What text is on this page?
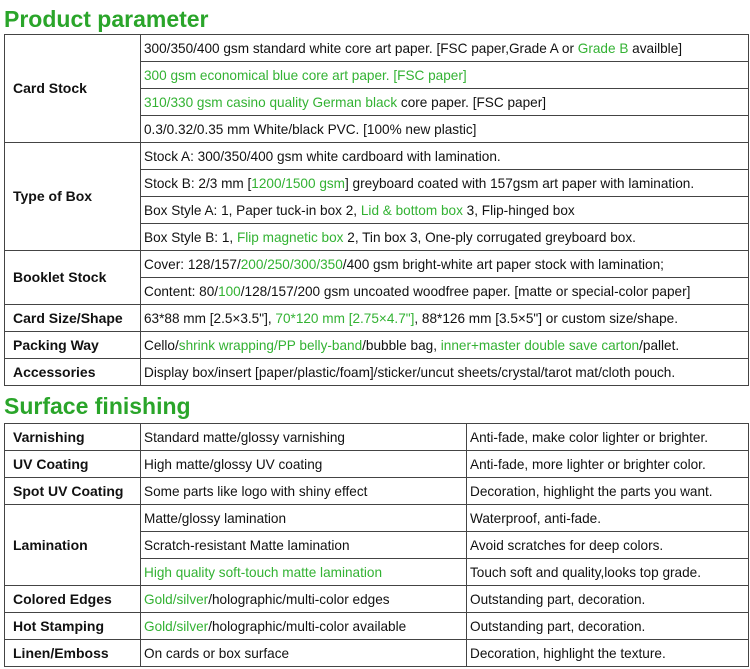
Product parameter
Card Stock	300/350/400 gsm standard white core art paper. [FSC paper,Grade A or Grade B availble]
	300 gsm economical blue core art paper. [FSC paper]
	310/330 gsm casino quality German black core paper. [FSC paper]
	0.3/0.32/0.35 mm White/black PVC. [100% new plastic]
Type of Box	Stock A: 300/350/400 gsm white cardboard with lamination.
	Stock B: 2/3 mm [1200/1500 gsm] greyboard coated with 157gsm art paper with lamination.
	Box Style A: 1, Paper tuck-in box 2, Lid & bottom box 3, Flip-hinged box
	Box Style B: 1, Flip magnetic box 2, Tin box 3, One-ply corrugated greyboard box.
Booklet Stock	Cover: 128/157/200/250/300/350/400 gsm bright-white art paper stock with lamination;
	Content: 80/100/128/157/200 gsm uncoated woodfree paper. [matte or special-color paper]
Card Size/Shape	63*88 mm [2.5×3.5"], 70*120 mm [2.75×4.7"], 88*126 mm [3.5×5"] or custom size/shape.
Packing Way	Cello/shrink wrapping/PP belly-band/bubble bag, inner+master double save carton/pallet.
Accessories	Display box/insert [paper/plastic/foam]/sticker/uncut sheets/crystal/tarot mat/cloth pouch.
Surface finishing
Varnishing	Standard matte/glossy varnishing	Anti-fade, make color lighter or brighter.
UV Coating	High matte/glossy UV coating	Anti-fade, more lighter or brighter color.
Spot UV Coating	Some parts like logo with shiny effect	Decoration, highlight the parts you want.
Lamination	Matte/glossy lamination	Waterproof, anti-fade.
	Scratch-resistant Matte lamination	Avoid scratches for deep colors.
	High quality soft-touch matte lamination	Touch soft and quality,looks top grade.
Colored Edges	Gold/silver/holographic/multi-color edges	Outstanding part, decoration.
Hot Stamping	Gold/silver/holographic/multi-color available	Outstanding part, decoration.
Linen/Emboss	On cards or box surface	Decoration, highlight the texture.
